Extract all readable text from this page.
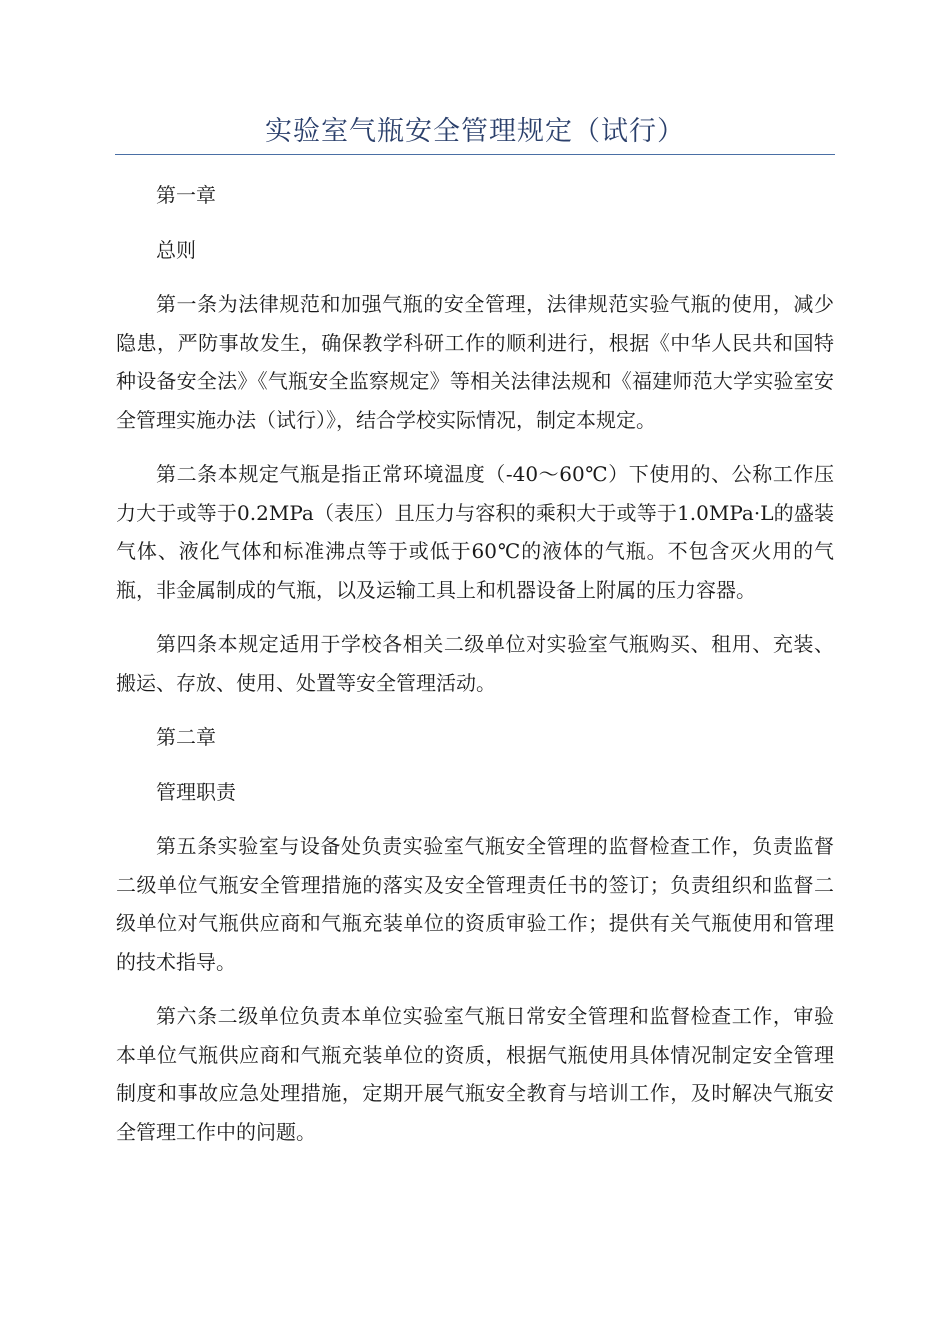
实验室气瓶安全管理规定（试行）

第一章

总则

第一条为法律规范和加强气瓶的安全管理，法律规范实验气瓶的使用，减少隐患，严防事故发生，确保教学科研工作的顺利进行，根据《中华人民共和国特种设备安全法》《气瓶安全监察规定》等相关法律法规和《福建师范大学实验室安全管理实施办法（试行）》，结合学校实际情况，制定本规定。

第二条本规定气瓶是指正常环境温度（-40～60℃）下使用的、公称工作压力大于或等于0.2MPa（表压）且压力与容积的乘积大于或等于1.0MPa·L的盛装气体、液化气体和标准沸点等于或低于60℃的液体的气瓶。不包含灭火用的气瓶，非金属制成的气瓶，以及运输工具上和机器设备上附属的压力容器。

第四条本规定适用于学校各相关二级单位对实验室气瓶购买、租用、充装、搬运、存放、使用、处置等安全管理活动。

第二章

管理职责

第五条实验室与设备处负责实验室气瓶安全管理的监督检查工作，负责监督二级单位气瓶安全管理措施的落实及安全管理责任书的签订；负责组织和监督二级单位对气瓶供应商和气瓶充装单位的资质审验工作；提供有关气瓶使用和管理的技术指导。

第六条二级单位负责本单位实验室气瓶日常安全管理和监督检查工作，审验本单位气瓶供应商和气瓶充装单位的资质，根据气瓶使用具体情况制定安全管理制度和事故应急处理措施，定期开展气瓶安全教育与培训工作，及时解决气瓶安全管理工作中的问题。
